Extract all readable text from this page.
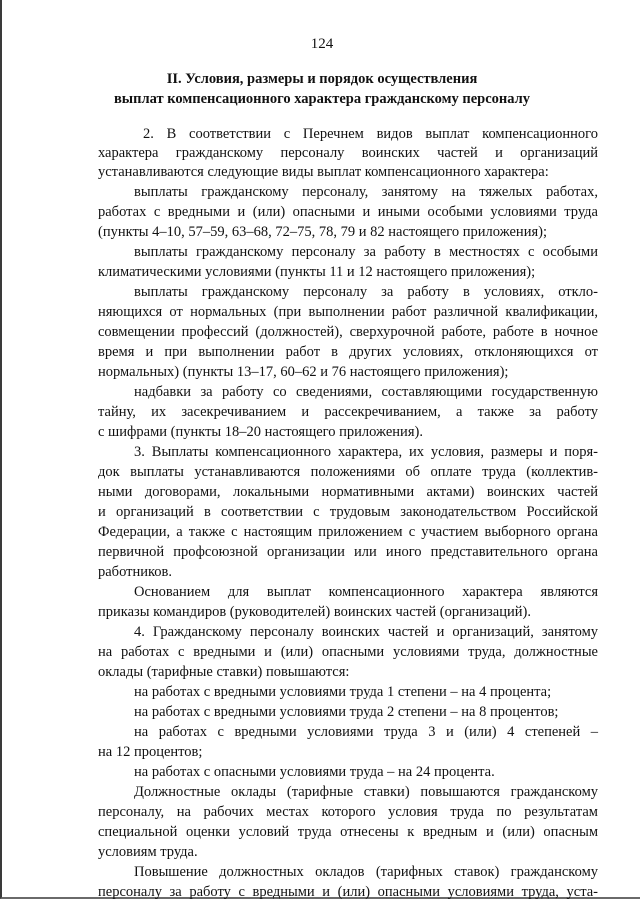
124
II. Условия, размеры и порядок осуществления
выплат компенсационного характера гражданскому персоналу
2. В соответствии с Перечнем видов выплат компенсационного
характера гражданскому персоналу воинских частей и организаций
устанавливаются следующие виды выплат компенсационного характера:
выплаты гражданскому персоналу, занятому на тяжелых работах,
работах с вредными и (или) опасными и иными особыми условиями труда
(пункты 4–10, 57–59, 63–68, 72–75, 78, 79 и 82 настоящего приложения);
выплаты гражданскому персоналу за работу в местностях с особыми
климатическими условиями (пункты 11 и 12 настоящего приложения);
выплаты гражданскому персоналу за работу в условиях, откло-
няющихся от нормальных (при выполнении работ различной квалификации,
совмещении профессий (должностей), сверхурочной работе, работе в ночное
время и при выполнении работ в других условиях, отклоняющихся от
нормальных) (пункты 13–17, 60–62 и 76 настоящего приложения);
надбавки за работу со сведениями, составляющими государственную
тайну, их засекречиванием и рассекречиванием, а также за работу
с шифрами (пункты 18–20 настоящего приложения).
3. Выплаты компенсационного характера, их условия, размеры и поря-
док выплаты устанавливаются положениями об оплате труда (коллектив-
ными договорами, локальными нормативными актами) воинских частей
и организаций в соответствии с трудовым законодательством Российской
Федерации, а также с настоящим приложением с участием выборного органа
первичной профсоюзной организации или иного представительного органа
работников.
Основанием для выплат компенсационного характера являются
приказы командиров (руководителей) воинских частей (организаций).
4. Гражданскому персоналу воинских частей и организаций, занятому
на работах с вредными и (или) опасными условиями труда, должностные
оклады (тарифные ставки) повышаются:
на работах с вредными условиями труда 1 степени – на 4 процента;
на работах с вредными условиями труда 2 степени – на 8 процентов;
на работах с вредными условиями труда 3 и (или) 4 степеней –
на 12 процентов;
на работах с опасными условиями труда – на 24 процента.
Должностные оклады (тарифные ставки) повышаются гражданскому
персоналу, на рабочих местах которого условия труда по результатам
специальной оценки условий труда отнесены к вредным и (или) опасным
условиям труда.
Повышение должностных окладов (тарифных ставок) гражданскому
персоналу за работу с вредными и (или) опасными условиями труда, уста-
